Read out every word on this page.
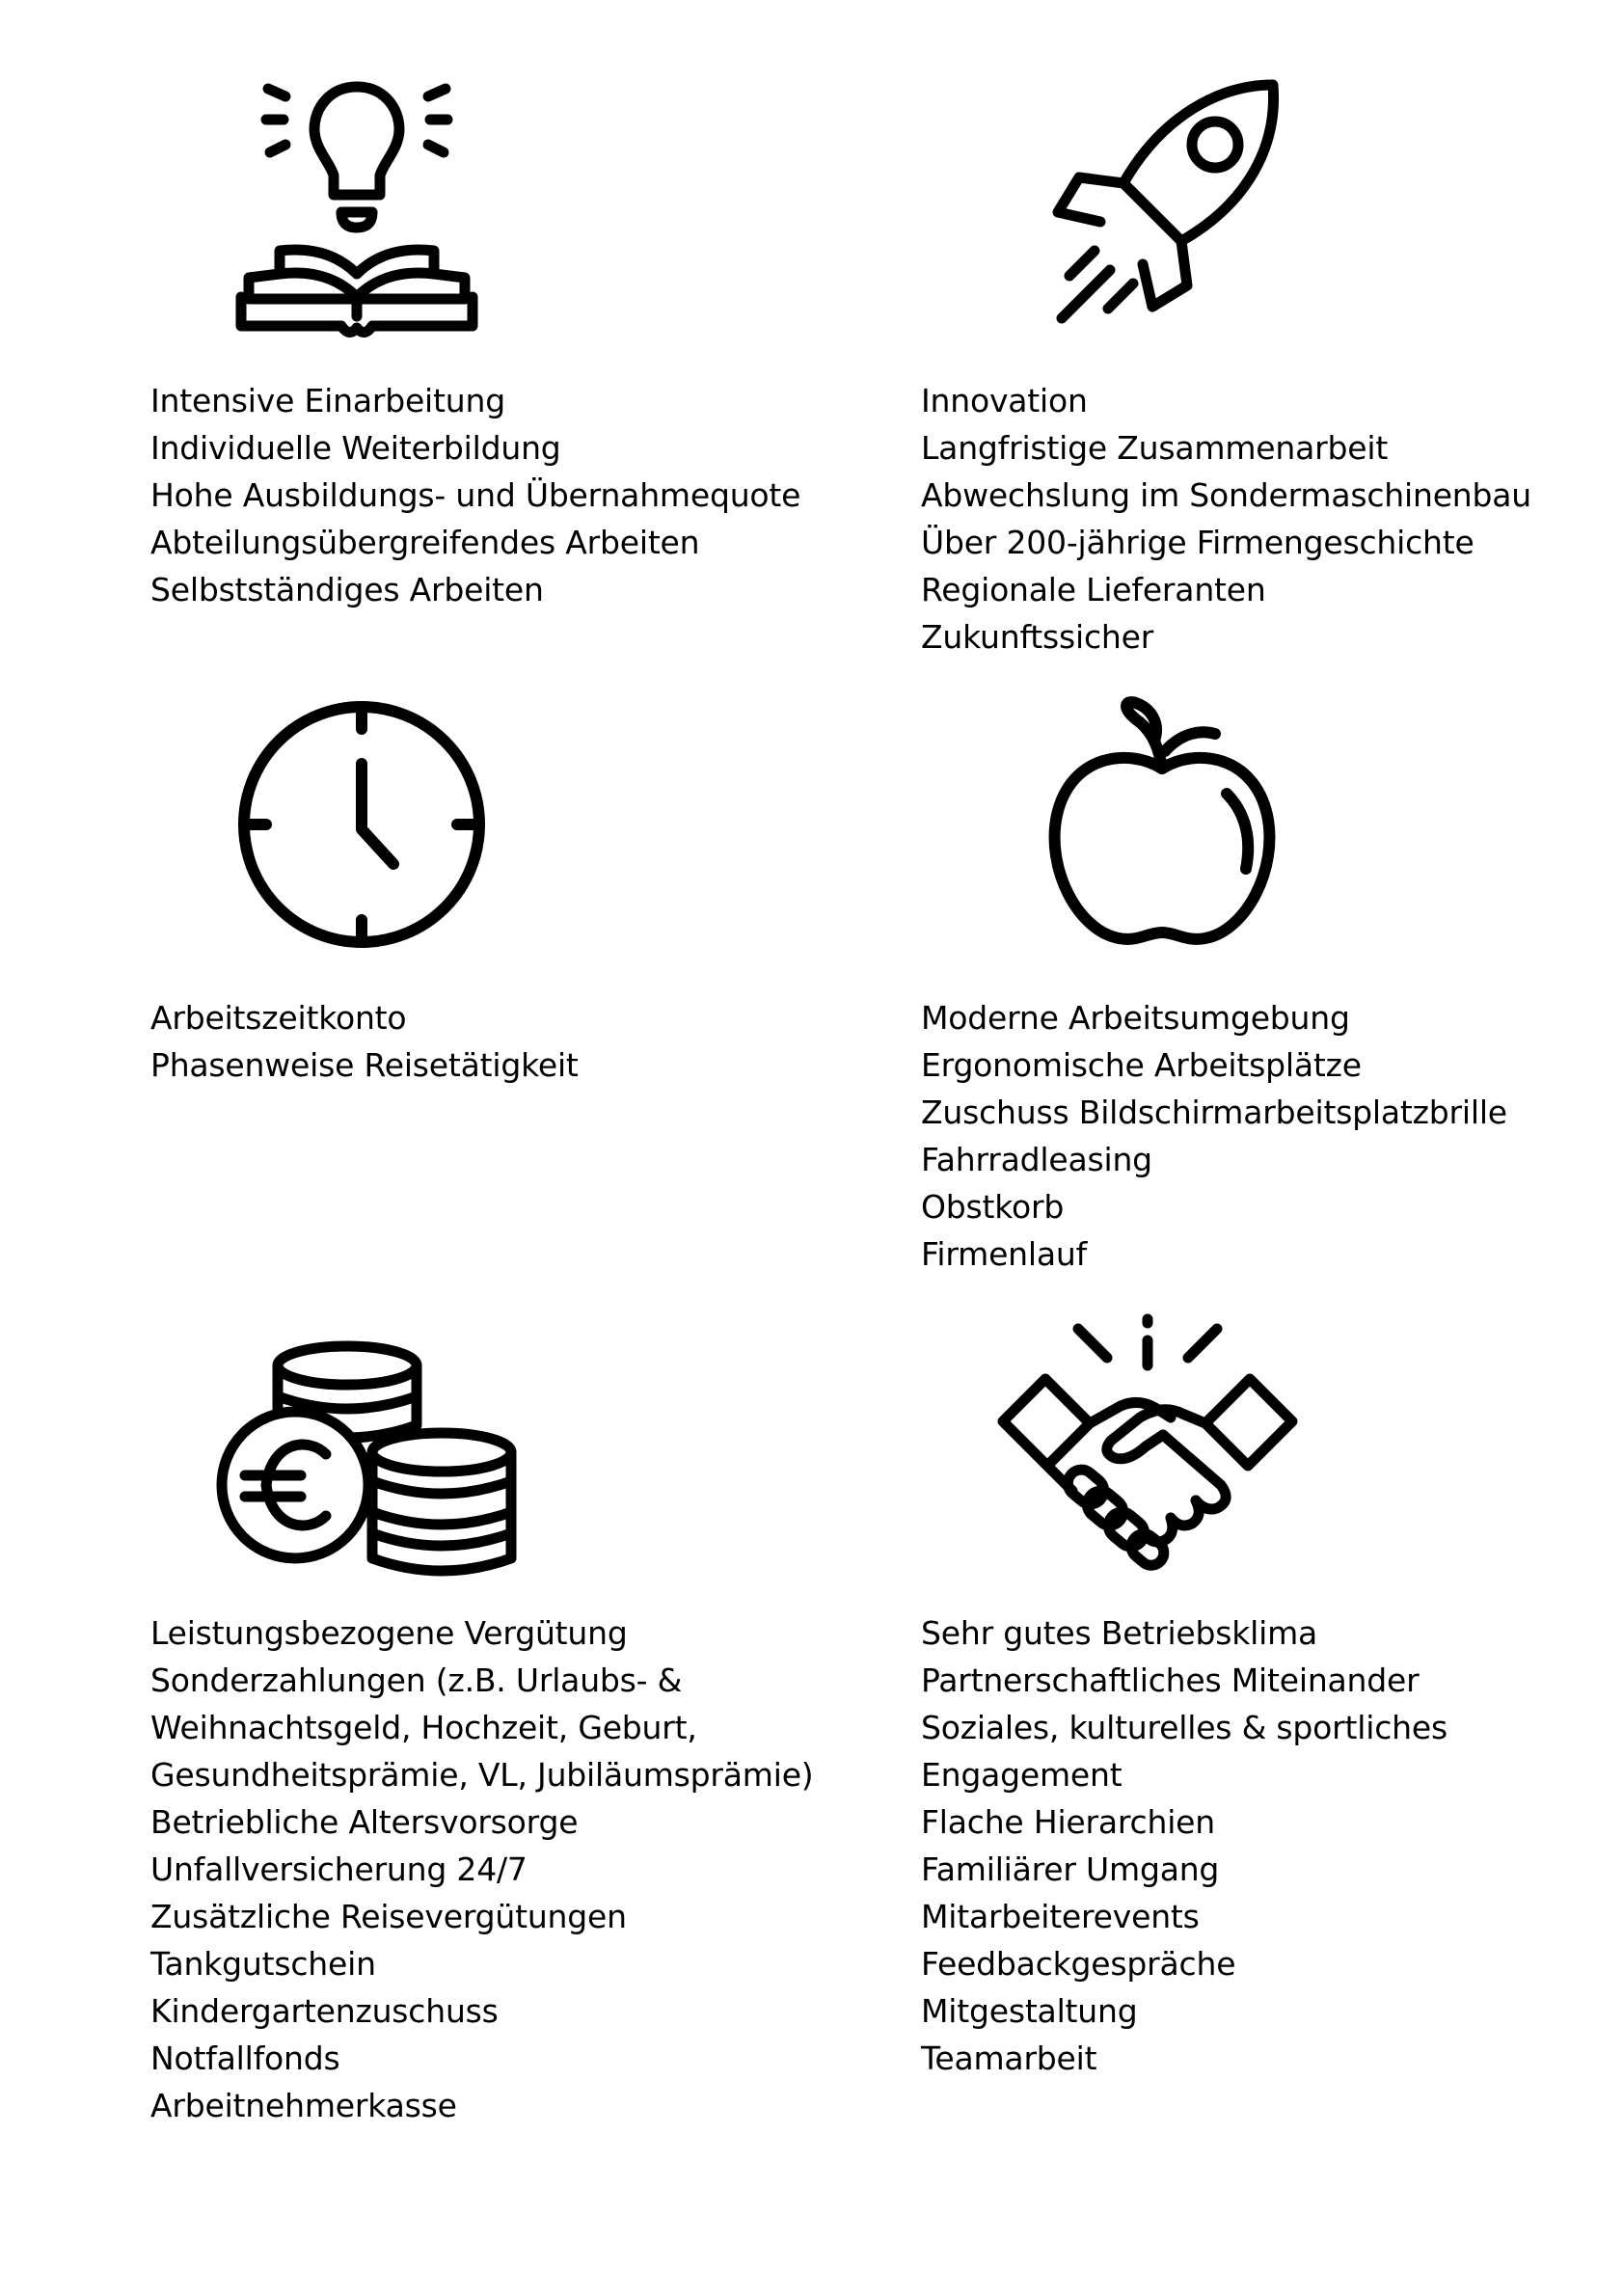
Intensive Einarbeitung
Individuelle Weiterbildung
Hohe Ausbildungs- und Übernahmequote
Abteilungsübergreifendes Arbeiten
Selbstständiges Arbeiten
Innovation
Langfristige Zusammenarbeit
Abwechslung im Sondermaschinenbau
Über 200-jährige Firmengeschichte
Regionale Lieferanten
Zukunftssicher
Arbeitszeitkonto
Phasenweise Reisetätigkeit
Moderne Arbeitsumgebung
Ergonomische Arbeitsplätze
Zuschuss Bildschirmarbeitsplatzbrille
Fahrradleasing
Obstkorb
Firmenlauf
Leistungsbezogene Vergütung
Sonderzahlungen (z.B. Urlaubs- &
Weihnachtsgeld, Hochzeit, Geburt,
Gesundheitsprämie, VL, Jubiläumsprämie)
Betriebliche Altersvorsorge
Unfallversicherung 24/7
Zusätzliche Reisevergütungen
Tankgutschein
Kindergartenzuschuss
Notfallfonds
Arbeitnehmerkasse
Sehr gutes Betriebsklima
Partnerschaftliches Miteinander
Soziales, kulturelles & sportliches
Engagement
Flache Hierarchien
Familiärer Umgang
Mitarbeiterevents
Feedbackgespräche
Mitgestaltung
Teamarbeit
